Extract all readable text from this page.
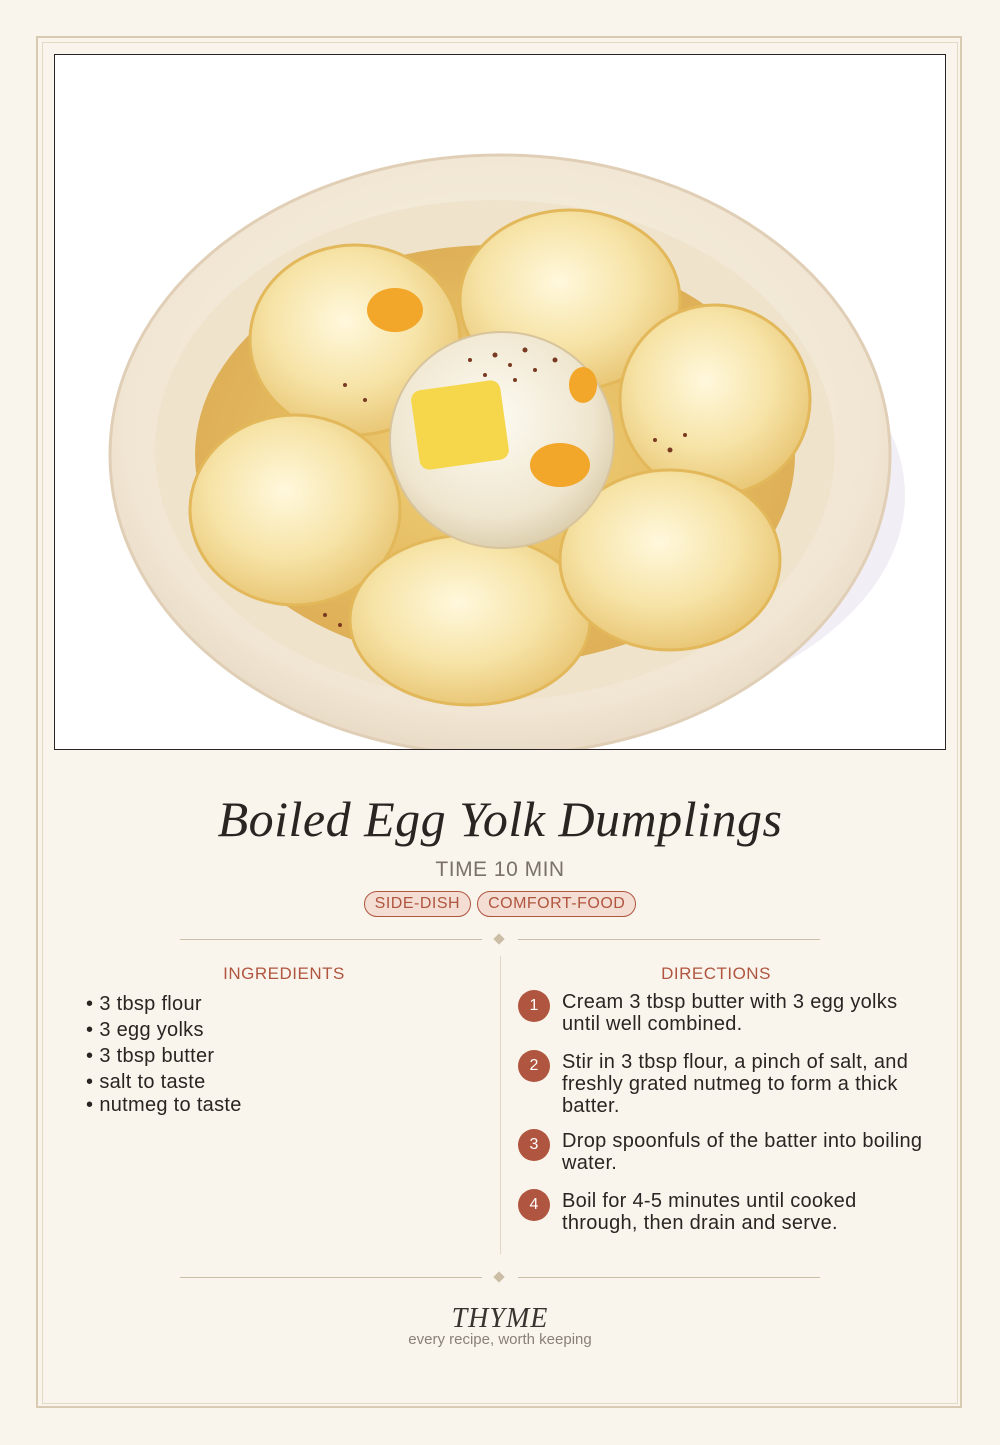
Boiled Egg Yolk Dumplings
TIME 10 MIN
SIDE-DISH COMFORT-FOOD
INGREDIENTS
• 3 tbsp flour
• 3 egg yolks
• 3 tbsp butter
• salt to taste
• nutmeg to taste
DIRECTIONS
1	Cream 3 tbsp butter with 3 egg yolks until well combined.
2	Stir in 3 tbsp flour, a pinch of salt, and freshly grated nutmeg to form a thick batter.
3	Drop spoonfuls of the batter into boiling water.
4	Boil for 4-5 minutes until cooked through, then drain and serve.
THYME
every recipe, worth keeping
